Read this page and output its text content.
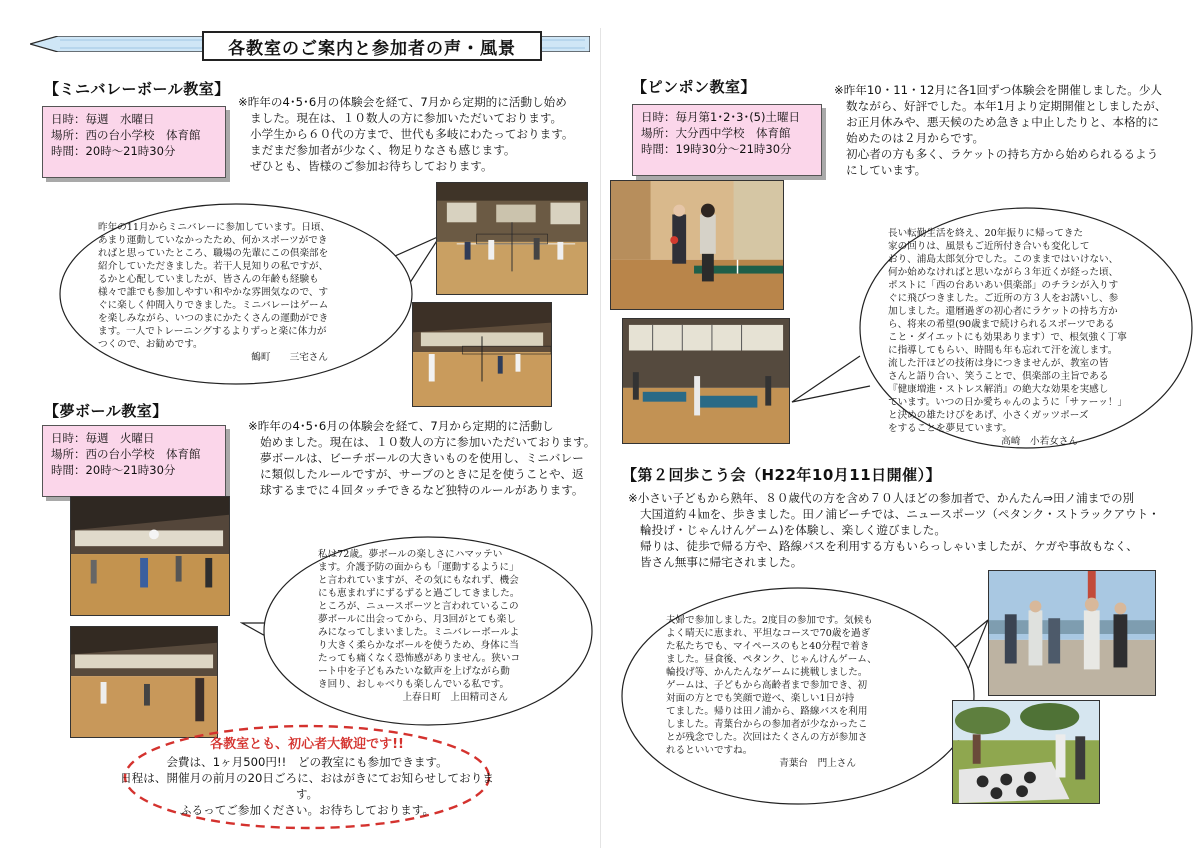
各教室のご案内と参加者の声・風景
【ミニバレーボール教室】
日時：毎週　水曜日
場所：西の台小学校　体育館
時間：20時〜21時30分

※昨年の4･5･6月の体験会を経て、7月から定期的に活動し始め

ました。現在は、１０数人の方に参加いただいております。

小学生から６０代の方まで、世代も多岐にわたっております。

まだまだ参加者が少なく、物足りなさも感じます。

ぜひとも、皆様のご参加お待ちしております。

昨年の11月からミニバレーに参加しています。日頃、

あまり運動していなかったため、何かスポーツができ

ればと思っていたところ、職場の先輩にこの倶楽部を

紹介していただきました。若干人見知りの私ですが、

るかと心配していましたが、皆さんの年齢も経験も

様々で誰でも参加しやすい和やかな雰囲気なので、す

ぐに楽しく仲間入りできました。ミニバレーはゲーム

を楽しみながら、いつのまにかたくさんの運動ができ

ます。一人でトレーニングするよりずっと楽に体力が

つくので、お勧めです。

鶴町　　三宅さん

【夢ボール教室】
日時：毎週　火曜日
場所：西の台小学校　体育館
時間：20時〜21時30分

※昨年の4･5･6月の体験会を経て、7月から定期的に活動し

始めました。現在は、１０数人の方に参加いただいております。

夢ボールは、ビーチボールの大きいものを使用し、ミニバレー

に類似したルールですが、サーブのときに足を使うことや、返

球するまでに４回タッチできるなど独特のルールがあります。

私は72歳。夢ボールの楽しさにハマッテい

ます。介護予防の面からも「運動するように」

と言われていますが、その気にもなれず、機会

にも恵まれずにずるずると過ごしてきました。

ところが、ニュースポーツと言われているこの

夢ボールに出会ってから、月3回がとても楽し

みになってしまいました。ミニバレーボールよ

り大きく柔らかなボールを使うため、身体に当

たっても痛くなく恐怖感がありません。狭いコ

ート中を子どもみたいな歓声を上げながら動

き回り、おしゃべりも楽しんでいる私です。

上春日町　上田精司さん

各教室とも、初心者大歓迎です!!
会費は、1ヶ月500円!!　どの教室にも参加できます。
日程は、開催月の前月の20日ごろに、おはがきにてお知らせしております。
ふるってご参加ください。お待ちしております。
【ピンポン教室】
日時：毎月第1･2･3･(5)土曜日
場所：大分西中学校　体育館
時間：19時30分〜21時30分

※昨年10・11・12月に各1回ずつ体験会を開催しました。少人

数ながら、好評でした。本年1月より定期開催としましたが、

お正月休みや、悪天候のため急きょ中止したりと、本格的に

始めたのは２月からです。

初心者の方も多く、ラケットの持ち方から始められるるよう

にしています。

長い転勤生活を終え、20年振りに帰ってきた

家の回りは、風景もご近所付き合いも変化して

おり、浦島太郎気分でした。このままではいけない、

何か始めなければと思いながら３年近くが経った頃、

ポストに「西の台あいあい倶楽部」のチラシが入りす

ぐに飛びつきました。ご近所の方３人をお誘いし、参

加しました。還暦過ぎの初心者にラケットの持ち方か

ら、将来の希望(90歳まで続けられるスポーツである

こと・ダイエットにも効果あります）で、根気強く丁寧

に指導してもらい、時間も年も忘れて汗を流します。

流した汗ほどの技術は身につきませんが、教室の皆

さんと語り合い、笑うことで、倶楽部の主旨である

『健康増進・ストレス解消』の絶大な効果を実感し

ています。いつの日か愛ちゃんのように「サァーッ！」

と決めの雄たけびをあげ、小さくガッツポーズ

をすることを夢見ています。

高崎　小若女さん

【第２回歩こう会（H22年10月11日開催）】

※小さい子どもから熟年、８０歳代の方を含め７０人ほどの参加者で、かんたん⇒田ノ浦までの別

大国道約４㎞を、歩きました。田ノ浦ビーチでは、ニュースポーツ（ペタンク・ストラックアウト・

輪投げ・じゃんけんゲーム)を体験し、楽しく遊びました。

帰りは、徒歩で帰る方や、路線バスを利用する方もいらっしゃいましたが、ケガや事故もなく、

皆さん無事に帰宅されました。

夫婦で参加しました。2度目の参加です。気候も

よく晴天に恵まれ、平坦なコースで70歳を過ぎ

た私たちでも、マイペースのもと40分程で着き

ました。昼食後、ペタンク、じゃんけんゲーム、

輪投げ等、かんたんなゲームに挑戦しました。

ゲームは、子どもから高齢者まで参加でき、初

対面の方とでも笑顔で遊べ、楽しい1日が持

てました。帰りは田ノ浦から、路線バスを利用

しました。青葉台からの参加者が少なかったこ

とが残念でした。次回はたくさんの方が参加さ

れるといいですね。

青葉台　門上さん
